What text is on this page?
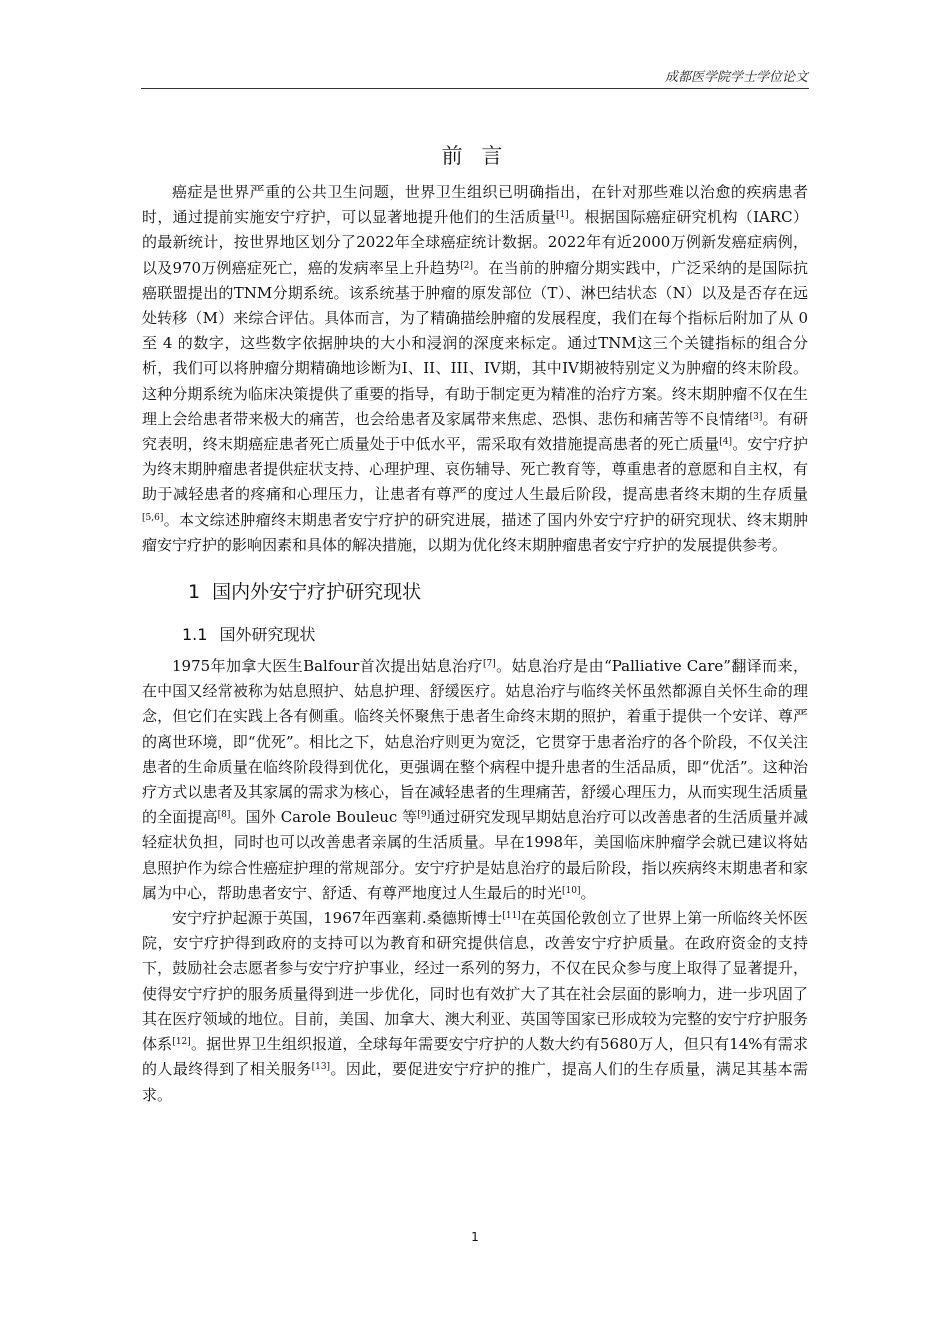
成都医学院学士学位论文
前 言

癌症是世界严重的公共卫生问题，世界卫生组织已明确指出，在针对那些难以治愈的疾病患者时，通过提前实施安宁疗护，可以显著地提升他们的生活质量[1]。根据国际癌症研究机构（IARC）的最新统计，按世界地区划分了2022年全球癌症统计数据。2022年有近2000万例新发癌症病例，以及970万例癌症死亡，癌的发病率呈上升趋势[2]。在当前的肿瘤分期实践中，广泛采纳的是国际抗癌联盟提出的TNM分期系统。该系统基于肿瘤的原发部位（T）、淋巴结状态（N）以及是否存在远处转移（M）来综合评估。具体而言，为了精确描绘肿瘤的发展程度，我们在每个指标后附加了从 0 至 4 的数字，这些数字依据肿块的大小和浸润的深度来标定。通过TNM这三个关键指标的组合分析，我们可以将肿瘤分期精确地诊断为I、II、III、IV期，其中IV期被特别定义为肿瘤的终末阶段。这种分期系统为临床决策提供了重要的指导，有助于制定更为精准的治疗方案。终末期肿瘤不仅在生理上会给患者带来极大的痛苦，也会给患者及家属带来焦虑、恐惧、悲伤和痛苦等不良情绪[3]。有研究表明，终末期癌症患者死亡质量处于中低水平，需采取有效措施提高患者的死亡质量[4]。安宁疗护为终末期肿瘤患者提供症状支持、心理护理、哀伤辅导、死亡教育等，尊重患者的意愿和自主权，有助于减轻患者的疼痛和心理压力，让患者有尊严的度过人生最后阶段，提高患者终末期的生存质量[5,6]。本文综述肿瘤终末期患者安宁疗护的研究进展，描述了国内外安宁疗护的研究现状、终末期肿瘤安宁疗护的影响因素和具体的解决措施，以期为优化终末期肿瘤患者安宁疗护的发展提供参考。

1 国内外安宁疗护研究现状
1.1 国外研究现状

1975年加拿大医生Balfour首次提出姑息治疗[7]。姑息治疗是由“Palliative Care”翻译而来，在中国又经常被称为姑息照护、姑息护理、舒缓医疗。姑息治疗与临终关怀虽然都源自关怀生命的理念，但它们在实践上各有侧重。临终关怀聚焦于患者生命终末期的照护，着重于提供一个安详、尊严的离世环境，即“优死”。相比之下，姑息治疗则更为宽泛，它贯穿于患者治疗的各个阶段，不仅关注患者的生命质量在临终阶段得到优化，更强调在整个病程中提升患者的生活品质，即“优活”。这种治疗方式以患者及其家属的需求为核心，旨在减轻患者的生理痛苦，舒缓心理压力，从而实现生活质量的全面提高[8]。国外 Carole Bouleuc 等[9]通过研究发现早期姑息治疗可以改善患者的生活质量并减轻症状负担，同时也可以改善患者亲属的生活质量。早在1998年，美国临床肿瘤学会就已建议将姑息照护作为综合性癌症护理的常规部分。安宁疗护是姑息治疗的最后阶段，指以疾病终末期患者和家属为中心，帮助患者安宁、舒适、有尊严地度过人生最后的时光[10]。

安宁疗护起源于英国，1967年西塞莉.桑德斯博士[11]在英国伦敦创立了世界上第一所临终关怀医院，安宁疗护得到政府的支持可以为教育和研究提供信息，改善安宁疗护质量。在政府资金的支持下，鼓励社会志愿者参与安宁疗护事业，经过一系列的努力，不仅在民众参与度上取得了显著提升，使得安宁疗护的服务质量得到进一步优化，同时也有效扩大了其在社会层面的影响力，进一步巩固了其在医疗领域的地位。目前，美国、加拿大、澳大利亚、英国等国家已形成较为完整的安宁疗护服务体系[12]。据世界卫生组织报道，全球每年需要安宁疗护的人数大约有5680万人，但只有14%有需求的人最终得到了相关服务[13]。因此，要促进安宁疗护的推广，提高人们的生存质量，满足其基本需求。

1
